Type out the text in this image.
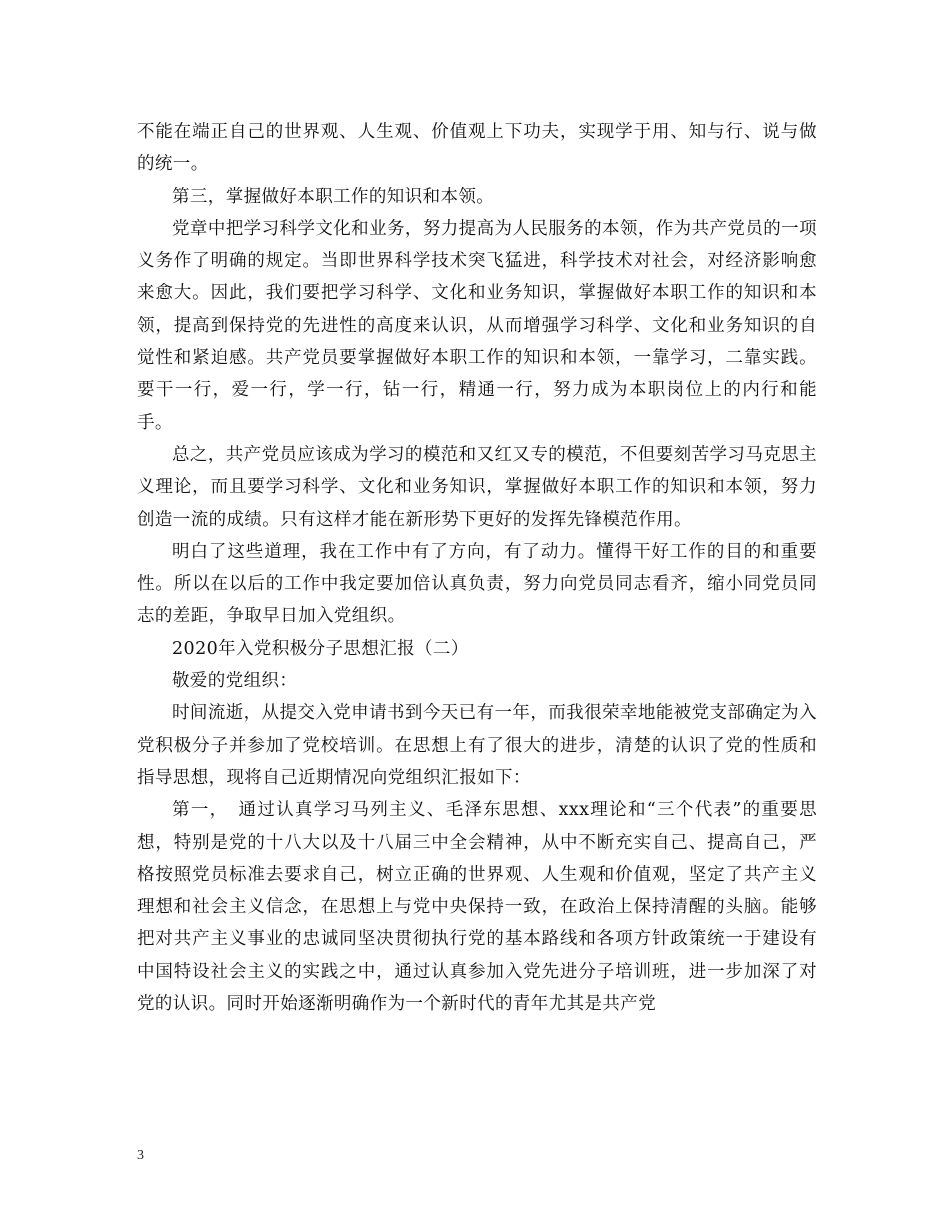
不能在端正自己的世界观、人生观、价值观上下功夫，实现学于用、知与行、说与做的统一。

第三，掌握做好本职工作的知识和本领。

党章中把学习科学文化和业务，努力提高为人民服务的本领，作为共产党员的一项义务作了明确的规定。当即世界科学技术突飞猛进，科学技术对社会，对经济影响愈来愈大。因此，我们要把学习科学、文化和业务知识，掌握做好本职工作的知识和本领，提高到保持党的先进性的高度来认识，从而增强学习科学、文化和业务知识的自觉性和紧迫感。共产党员要掌握做好本职工作的知识和本领，一靠学习，二靠实践。要干一行，爱一行，学一行，钻一行，精通一行，努力成为本职岗位上的内行和能手。

总之，共产党员应该成为学习的模范和又红又专的模范，不但要刻苦学习马克思主义理论，而且要学习科学、文化和业务知识，掌握做好本职工作的知识和本领，努力创造一流的成绩。只有这样才能在新形势下更好的发挥先锋模范作用。

明白了这些道理，我在工作中有了方向，有了动力。懂得干好工作的目的和重要性。所以在以后的工作中我定要加倍认真负责，努力向党员同志看齐，缩小同党员同志的差距，争取早日加入党组织。

2020年入党积极分子思想汇报（二）

敬爱的党组织：

时间流逝，从提交入党申请书到今天已有一年，而我很荣幸地能被党支部确定为入党积极分子并参加了党校培训。在思想上有了很大的进步，清楚的认识了党的性质和指导思想，现将自己近期情况向党组织汇报如下：

第一，　通过认真学习马列主义、毛泽东思想、xxx理论和“三个代表”的重要思想，特别是党的十八大以及十八届三中全会精神，从中不断充实自己、提高自己，严格按照党员标准去要求自己，树立正确的世界观、人生观和价值观，坚定了共产主义理想和社会主义信念，在思想上与党中央保持一致，在政治上保持清醒的头脑。能够把对共产主义事业的忠诚同坚决贯彻执行党的基本路线和各项方针政策统一于建设有中国特设社会主义的实践之中，通过认真参加入党先进分子培训班，进一步加深了对党的认识。同时开始逐渐明确作为一个新时代的青年尤其是共产党

3
